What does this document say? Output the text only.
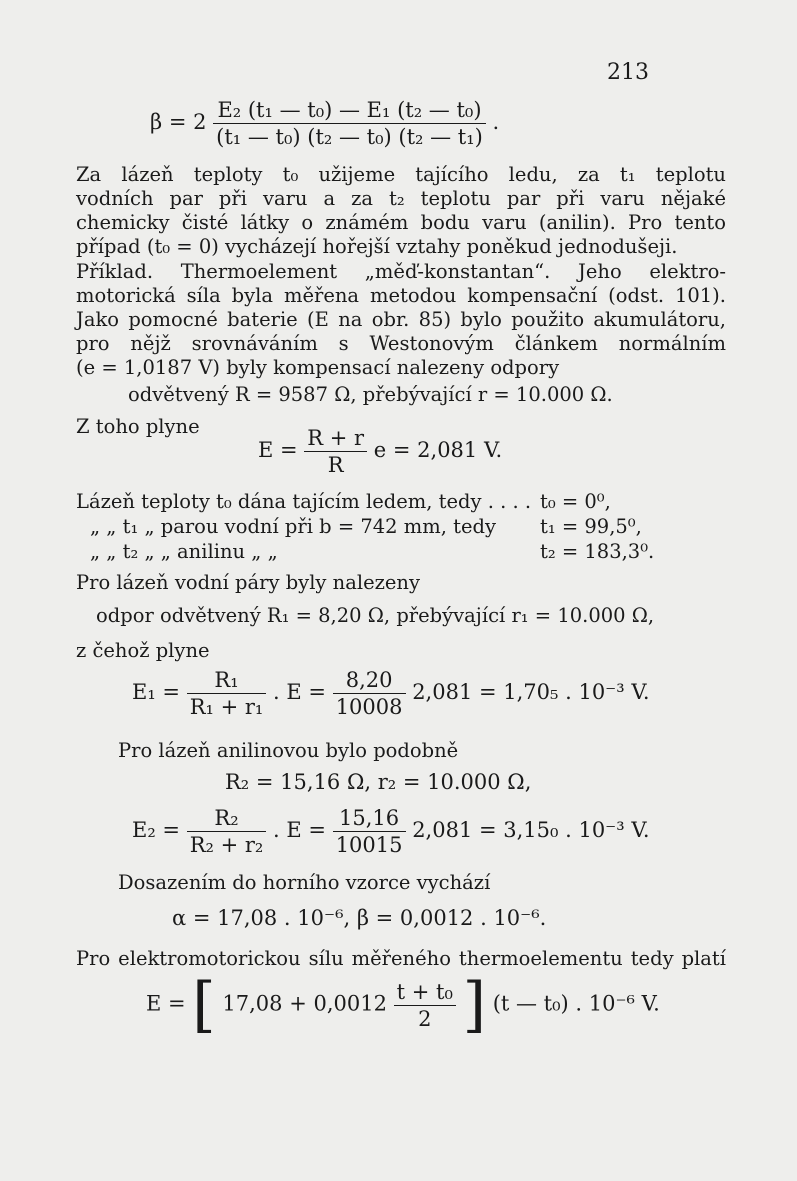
213
$\beta = 2 \frac{\text{E₂ (t₁ — t₀) — E₁ (t₂ — t₀)}}{\text{(t₁ — t₀) (t₂ — t₀) (t₂ — t₁)}}$ .
Za lázeň teploty t₀ užijeme tajícího ledu, za t₁ teplotu
vodních par při varu a za t₂ teplotu par při varu nějaké
chemicky čisté látky o známém bodu varu (anilin). Pro tento
případ (t₀ = 0) vycházejí hořejší vztahy poněkud jednodušeji.
Příklad. Thermoelement „měď-konstantan“. Jeho elektro-
motorická síla byla měřena metodou kompensační (odst. 101).
Jako pomocné baterie (E na obr. 85) bylo použito akumulátoru,
pro nějž srovnáváním s Westonovým článkem normálním
(e = 1,0187 V) byly kompensací nalezeny odpory
odvětvený R = 9587 Ω, přebývající r = 10.000 Ω.
Z toho plyne
$E = \frac{R + r}{R}$ e = 2,081 V.
Lázeň teploty t₀ dána tajícím ledem, tedy . . . . t₀ = 0⁰,
„ „ t₁ „ parou vodní při b = 742 mm, tedy t₁ = 99,5⁰,
„ „ t₂ „ „ anilinu „ „	t₂ = 183,3⁰.
Pro lázeň vodní páry byly nalezeny
odpor odvětvený R₁ = 8,20 Ω, přebývající r₁ = 10.000 Ω,
z čehož plyne
$E_1 = \frac{\text{R₁}}{\text{R₁ + r₁}}$ . $E = \frac{8,20}{10008} 2,081 = 1,70_5$ . 10⁻³ V.
Pro lázeň anilinovou bylo podobně
R₂ = 15,16 Ω, r₂ = 10.000 Ω,
$E_2 = \frac{\text{R₂}}{\text{R₂ + r₂}}$ . $E = \frac{15,16}{10015} 2,081 = 3,15_0$ . 10⁻³ V.
Dosazením do horního vzorce vychází
α = 17,08 . 10⁻⁶, β = 0,0012 . 10⁻⁶.
Pro elektromotorickou sílu měřeného thermoelementu tedy platí
E = [ $17,08 + 0,0012 \frac{\text{t + t₀}}{2}$ ] (t — t₀) . 10⁻⁶ V.
